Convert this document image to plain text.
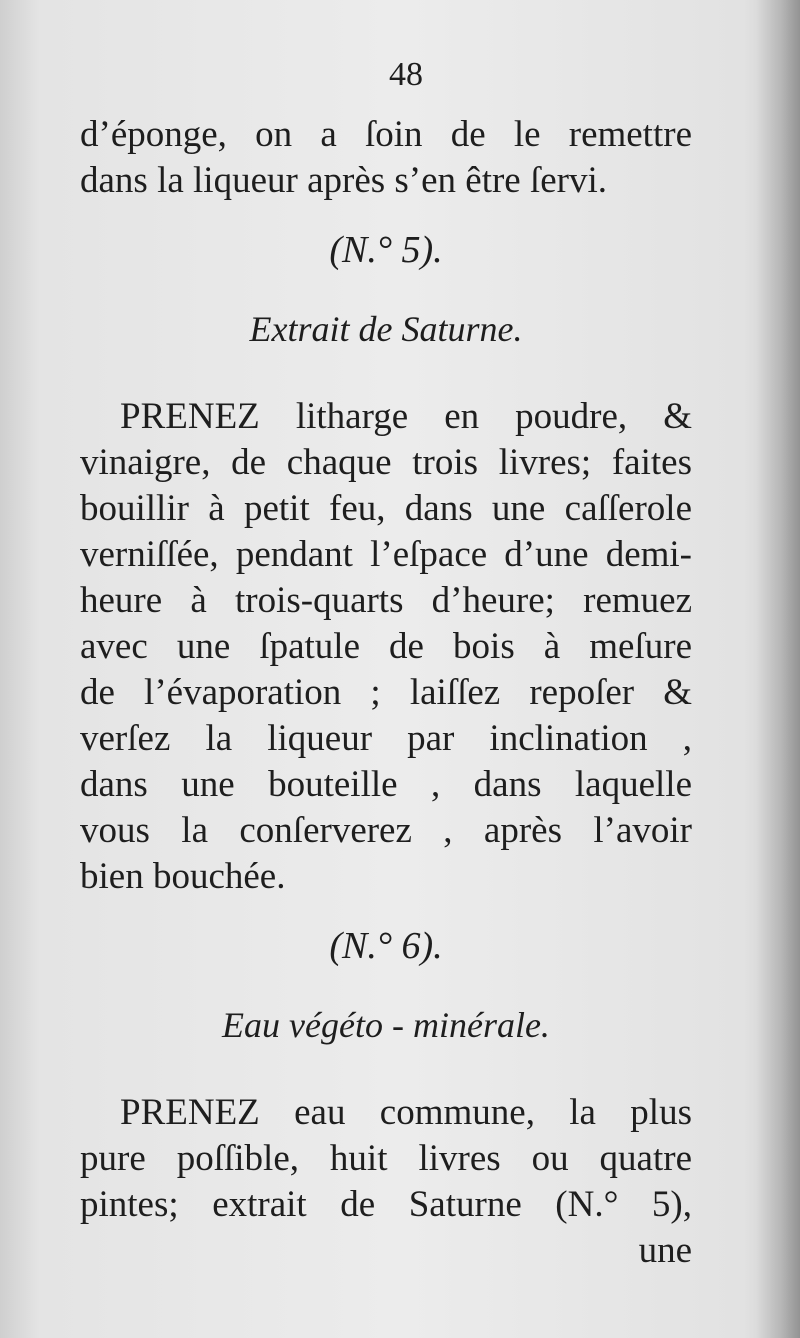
48
d’éponge, on a ſoin de le remettre
dans la liqueur après s’en être ſervi.
(N.° 5).
Extrait de Saturne.
PRENEZ litharge en poudre, &
vinaigre, de chaque trois livres; faites
bouillir à petit feu, dans une caſſerole
verniſſée, pendant l’eſpace d’une demi-
heure à trois-quarts d’heure; remuez
avec une ſpatule de bois à meſure
de l’évaporation ; laiſſez repoſer &
verſez la liqueur par inclination ,
dans une bouteille , dans laquelle
vous la conſerverez , après l’avoir
bien bouchée.
(N.° 6).
Eau végéto - minérale.
PRENEZ eau commune, la plus
pure poſſible, huit livres ou quatre
pintes; extrait de Saturne (N.° 5),
une
